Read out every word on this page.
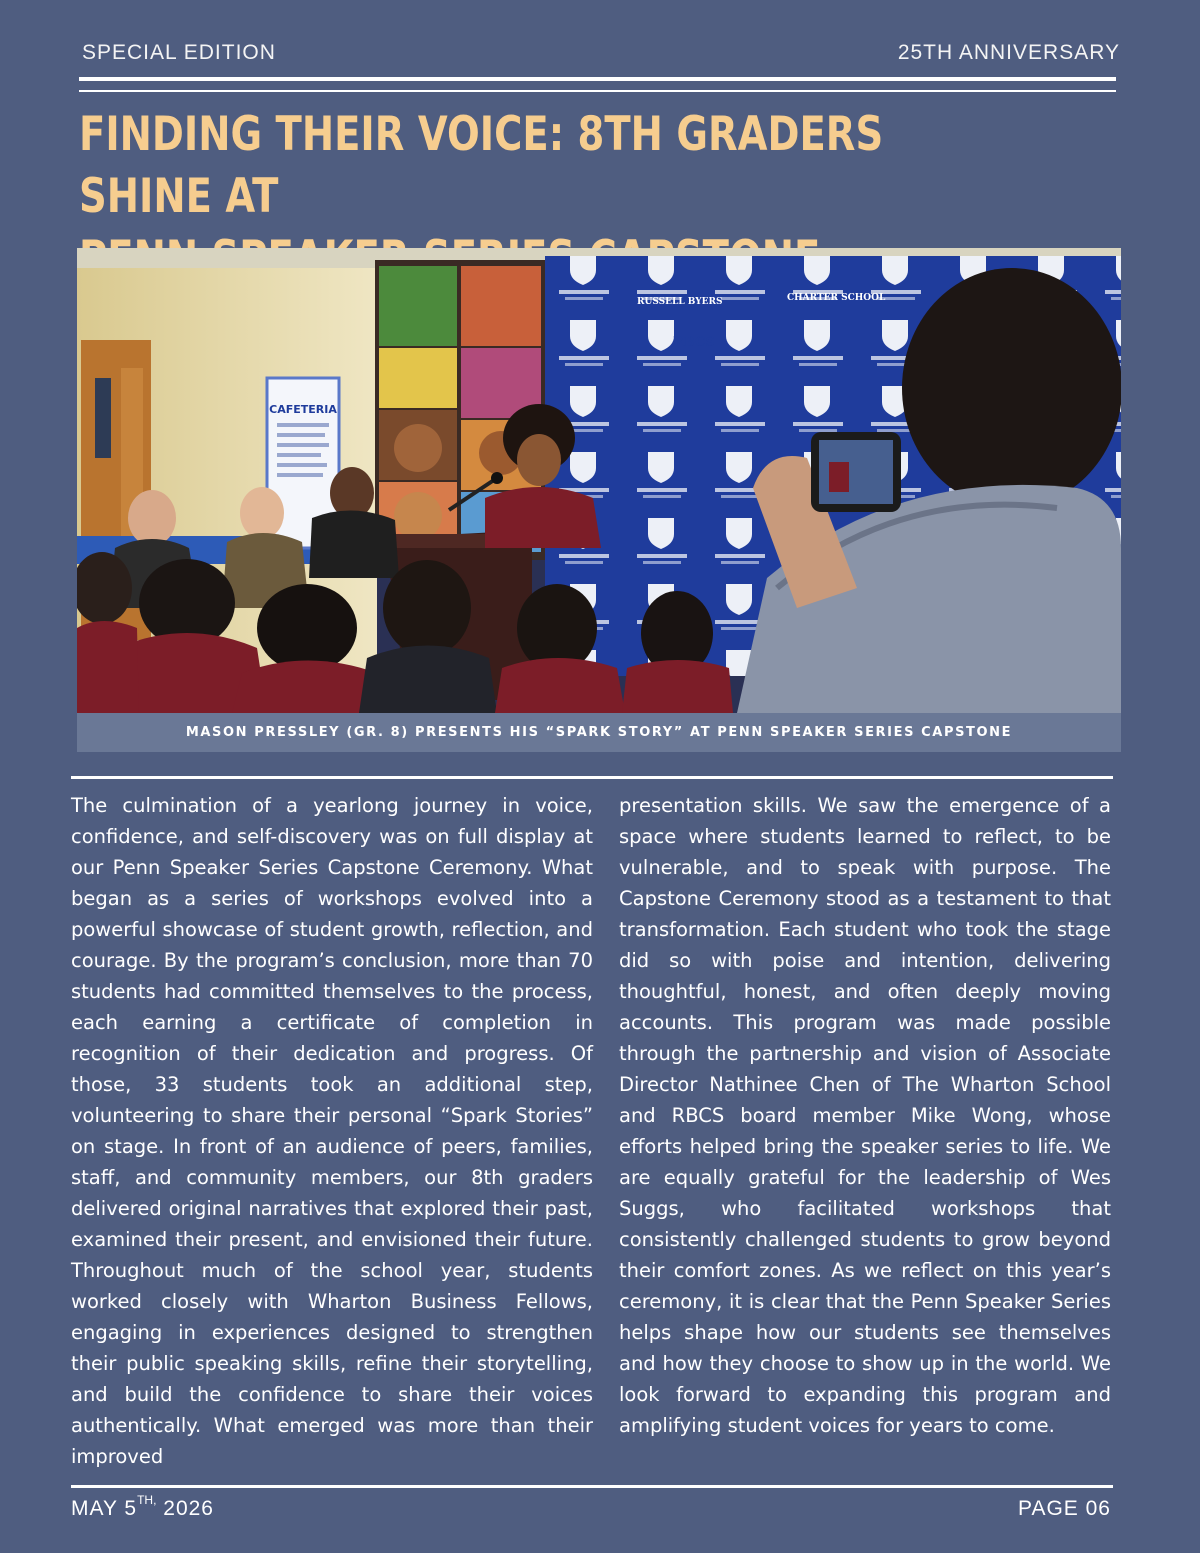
SPECIAL EDITION	25TH ANNIVERSARY
FINDING THEIR VOICE: 8TH GRADERS SHINE AT

CAFETERIA
RUSSELL BYERS	CHARTER SCHOOL
RBCS
MASON PRESSLEY (GR. 8) PRESENTS HIS “SPARK STORY” AT PENN SPEAKER SERIES CAPSTONE

The culmination of a yearlong journey in voice, confidence, and self-discovery was on full display at our Penn Speaker Series Capstone Ceremony. What began as a series of workshops evolved into a powerful showcase of student growth, reflection, and courage. By the program’s conclusion, more than 70 students had committed themselves to the process, each earning a certificate of completion in recognition of their dedication and progress. Of those, 33 students took an additional step, volunteering to share their personal “Spark Stories” on stage. In front of an audience of peers, families, staff, and community members, our 8th graders delivered original narratives that explored their past, examined their present, and envisioned their future. Throughout much of the school year, students worked closely with Wharton Business Fellows, engaging in experiences designed to strengthen their public speaking skills, refine their storytelling, and build the confidence to share their voices authentically. What emerged was more than their improved

presentation skills. We saw the emergence of a space where students learned to reflect, to be vulnerable, and to speak with purpose. The Capstone Ceremony stood as a testament to that transformation. Each student who took the stage did so with poise and intention, delivering thoughtful, honest, and often deeply moving accounts. This program was made possible through the partnership and vision of Associate Director Nathinee Chen of The Wharton School and RBCS board member Mike Wong, whose efforts helped bring the speaker series to life. We are equally grateful for the leadership of Wes Suggs, who facilitated workshops that consistently challenged students to grow beyond their comfort zones. As we reflect on this year’s ceremony, it is clear that the Penn Speaker Series helps shape how our students see themselves and how they choose to show up in the world. We look forward to expanding this program and amplifying student voices for years to come.

MAY $5^{TH,}$ 2026	PAGE 06
